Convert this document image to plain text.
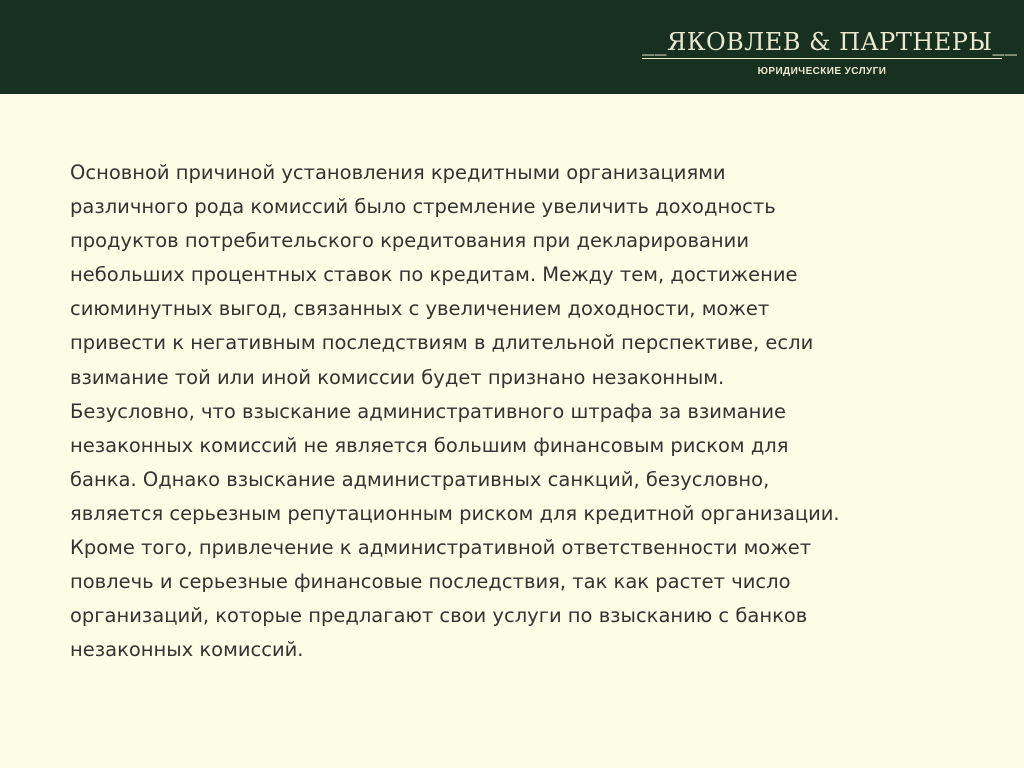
__ЯКОВЛЕВ & ПАРТНЕРЫ__
ЮРИДИЧЕСКИЕ УСЛУГИ
Основной причиной установления кредитными организациями
различного рода комиссий было стремление увеличить доходность
продуктов потребительского кредитования при декларировании
небольших процентных ставок по кредитам. Между тем, достижение
сиюминутных выгод, связанных с увеличением доходности, может
привести к негативным последствиям в длительной перспективе, если
взимание той или иной комиссии будет признано незаконным.
Безусловно, что взыскание административного штрафа за взимание
незаконных комиссий не является большим финансовым риском для
банка. Однако взыскание административных санкций, безусловно,
является серьезным репутационным риском для кредитной организации.
Кроме того, привлечение к административной ответственности может
повлечь и серьезные финансовые последствия, так как растет число
организаций, которые предлагают свои услуги по взысканию с банков
незаконных комиссий.
